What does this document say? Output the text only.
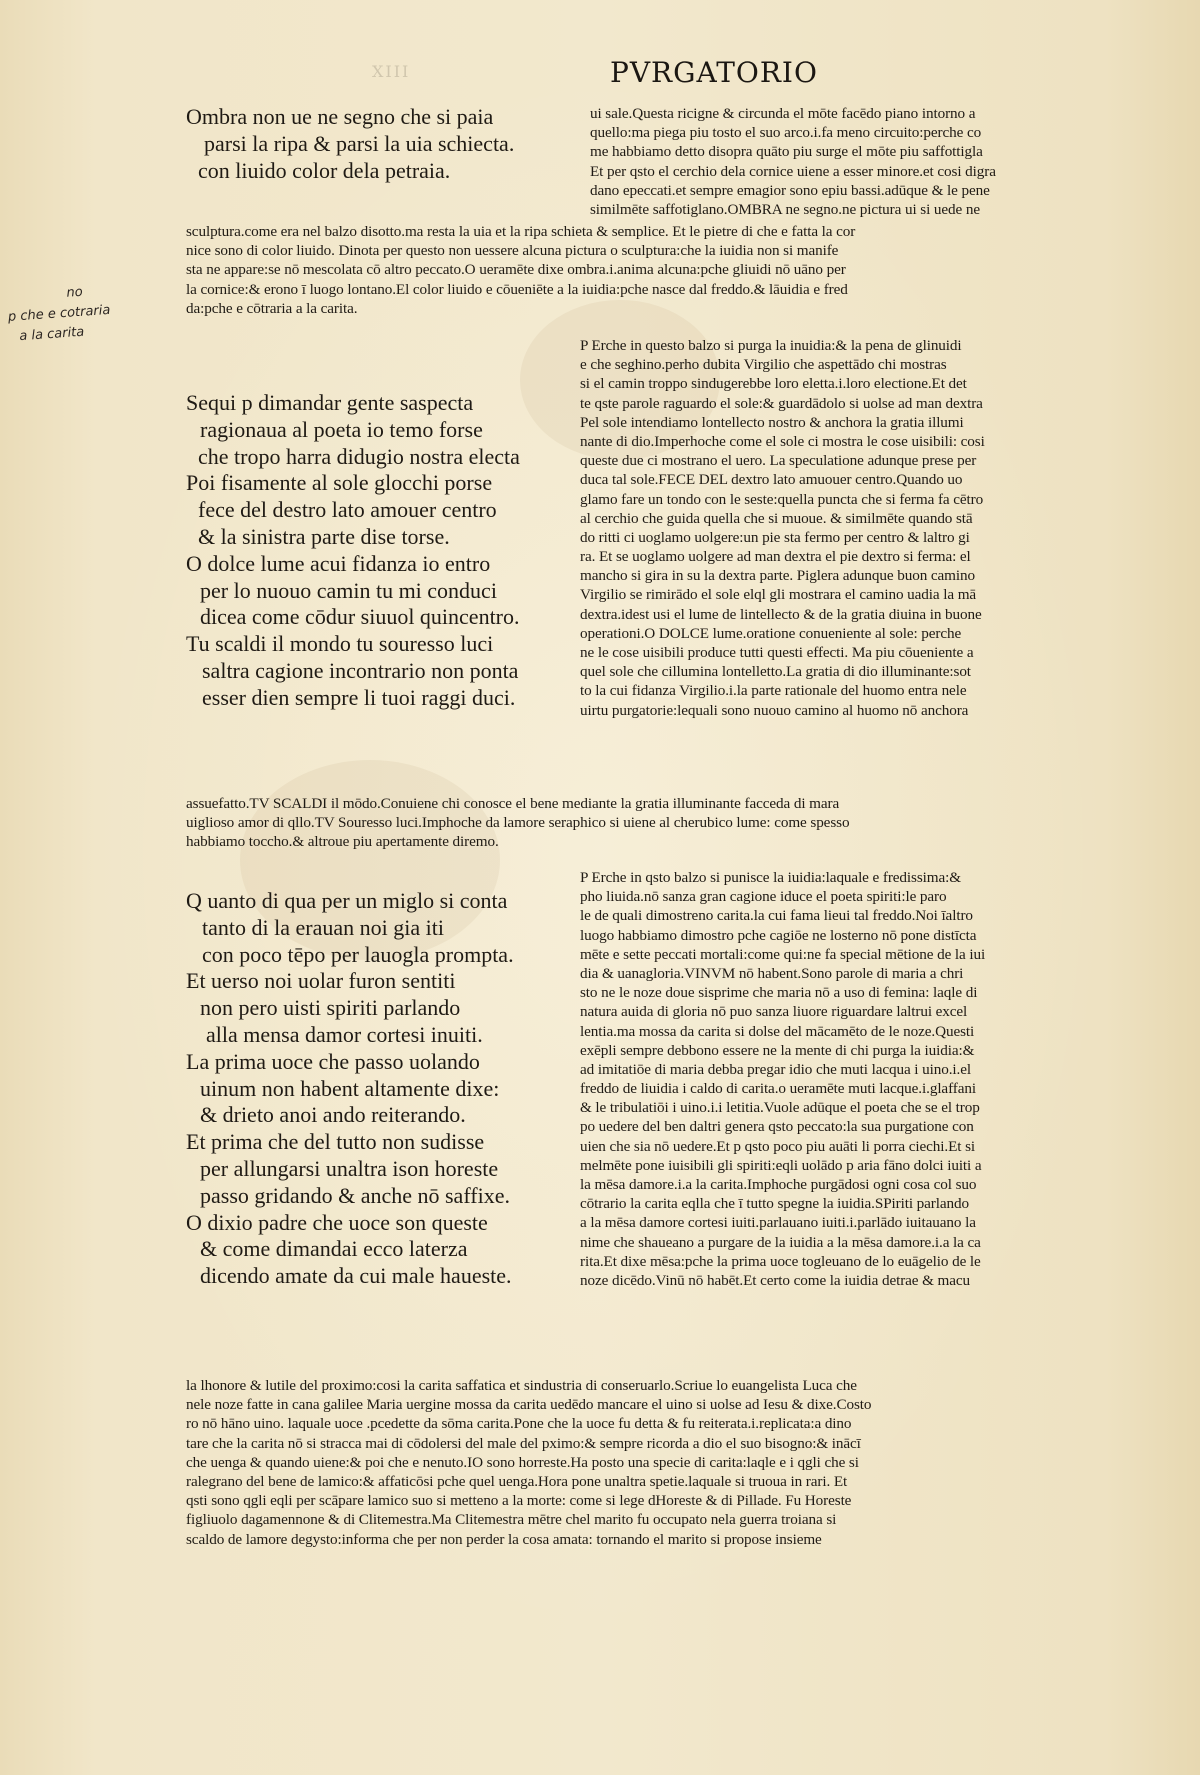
XIII	PVRGATORIO
no
p che e cotraria
a la carita
Ombra non ue ne segno che si paia
parsi la ripa & parsi la uia schiecta.
con liuido color dela petraia.
ui sale.Questa ricigne & circunda el mōte facēdo piano intorno a
quello:ma piega piu tosto el suo arco.i.fa meno circuito:perche co
me habbiamo detto disopra quāto piu surge el mōte piu saffottigla
Et per qsto el cerchio dela cornice uiene a esser minore.et cosi digra
dano epeccati.et sempre emagior sono epiu bassi.adūque & le pene
similmēte saffotiglano.OMBRA ne segno.ne pictura ui si uede ne
sculptura.come era nel balzo disotto.ma resta la uia et la ripa schieta & semplice. Et le pietre di che e fatta la cor
nice sono di color liuido. Dinota per questo non uessere alcuna pictura o sculptura:che la iuidia non si manife
sta ne appare:se nō mescolata cō altro peccato.O ueramēte dixe ombra.i.anima alcuna:pche gliuidi nō uāno per
la cornice:& erono ī luogo lontano.El color liuido e cōueniēte a la iuidia:pche nasce dal freddo.& lāuidia e fred
da:pche e cōtraria a la carita.
Sequi p dimandar gente saspecta
ragionaua al poeta io temo forse
che tropo harra didugio nostra electa
Poi fisamente al sole glocchi porse
fece del destro lato amouer centro
& la sinistra parte dise torse.
O dolce lume acui fidanza io entro
per lo nuouo camin tu mi conduci
dicea come cōdur siuuol quincentro.
Tu scaldi il mondo tu souresso luci
saltra cagione incontrario non ponta
esser dien sempre li tuoi raggi duci.
P Erche in questo balzo si purga la inuidia:& la pena de glinuidi
e che seghino.perho dubita Virgilio che aspettādo chi mostras
si el camin troppo sindugerebbe loro eletta.i.loro electione.Et det
te qste parole raguardo el sole:& guardādolo si uolse ad man dextra
Pel sole intendiamo lontellecto nostro & anchora la gratia illumi
nante di dio.Imperhoche come el sole ci mostra le cose uisibili: cosi
queste due ci mostrano el uero. La speculatione adunque prese per
duca tal sole.FECE DEL dextro lato amuouer centro.Quando uo
glamo fare un tondo con le seste:quella puncta che si ferma fa cētro
al cerchio che guida quella che si muoue. & similmēte quando stā
do ritti ci uoglamo uolgere:un pie sta fermo per centro & laltro gi
ra. Et se uoglamo uolgere ad man dextra el pie dextro si ferma: el
mancho si gira in su la dextra parte. Piglera adunque buon camino
Virgilio se rimirādo el sole elql gli mostrara el camino uadia la mā
dextra.idest usi el lume de lintellecto & de la gratia diuina in buone
operationi.O DOLCE lume.oratione conueniente al sole: perche
ne le cose uisibili produce tutti questi effecti. Ma piu cōueniente a
quel sole che cillumina lontelletto.La gratia di dio illuminante:sot
to la cui fidanza Virgilio.i.la parte rationale del huomo entra nele
uirtu purgatorie:lequali sono nuouo camino al huomo nō anchora
assuefatto.TV SCALDI il mōdo.Conuiene chi conosce el bene mediante la gratia illuminante facceda di mara
uiglioso amor di qllo.TV Souresso luci.Imphoche da lamore seraphico si uiene al cherubico lume: come spesso
habbiamo toccho.& altroue piu apertamente diremo.
Q uanto di qua per un miglo si conta
tanto di la erauan noi gia iti
con poco tēpo per lauogla prompta.
Et uerso noi uolar furon sentiti
non pero uisti spiriti parlando
alla mensa damor cortesi inuiti.
La prima uoce che passo uolando
uinum non habent altamente dixe:
& drieto anoi ando reiterando.
Et prima che del tutto non sudisse
per allungarsi unaltra ison horeste
passo gridando & anche nō saffixe.
O dixio padre che uoce son queste
& come dimandai ecco laterza
dicendo amate da cui male haueste.
P Erche in qsto balzo si punisce la iuidia:laquale e fredissima:&
pho liuida.nō sanza gran cagione iduce el poeta spiriti:le paro
le de quali dimostreno carita.la cui fama lieui tal freddo.Noi īaltro
luogo habbiamo dimostro pche cagiōe ne losterno nō pone distīcta
mēte e sette peccati mortali:come qui:ne fa special mētione de la iui
dia & uanagloria.VINVM nō habent.Sono parole di maria a chri
sto ne le noze doue sisprime che maria nō a uso di femina: laqle di
natura auida di gloria nō puo sanza liuore riguardare laltrui excel
lentia.ma mossa da carita si dolse del mācamēto de le noze.Questi
exēpli sempre debbono essere ne la mente di chi purga la iuidia:&
ad imitatiōe di maria debba pregar idio che muti lacqua i uino.i.el
freddo de liuidia i caldo di carita.o ueramēte muti lacque.i.glaffani
& le tribulatiōi i uino.i.i letitia.Vuole adūque el poeta che se el trop
po uedere del ben daltri genera qsto peccato:la sua purgatione con
uien che sia nō uedere.Et p qsto poco piu auāti li porra ciechi.Et si
melmēte pone iuisibili gli spiriti:eqli uolādo p aria fāno dolci iuiti a
la mēsa damore.i.a la carita.Imphoche purgādosi ogni cosa col suo
cōtrario la carita eqlla che ī tutto spegne la iuidia.SPiriti parlando
a la mēsa damore cortesi iuiti.parlauano iuiti.i.parlādo iuitauano la
nime che shaueano a purgare de la iuidia a la mēsa damore.i.a la ca
rita.Et dixe mēsa:pche la prima uoce togleuano de lo euāgelio de le
noze dicēdo.Vinū nō habēt.Et certo come la iuidia detrae & macu
la lhonore & lutile del proximo:cosi la carita saffatica et sindustria di conseruarlo.Scriue lo euangelista Luca che
nele noze fatte in cana galilee Maria uergine mossa da carita uedēdo mancare el uino si uolse ad Iesu & dixe.Costo
ro nō hāno uino. laquale uoce .pcedette da sōma carita.Pone che la uoce fu detta & fu reiterata.i.replicata:a dino
tare che la carita nō si stracca mai di cōdolersi del male del pximo:& sempre ricorda a dio el suo bisogno:& inācī
che uenga & quando uiene:& poi che e nenuto.IO sono horreste.Ha posto una specie di carita:laqle e i qgli che si
ralegrano del bene de lamico:& affaticōsi pche quel uenga.Hora pone unaltra spetie.laquale si truoua in rari. Et
qsti sono qgli eqli per scāpare lamico suo si metteno a la morte: come si lege dHoreste & di Pillade. Fu Horeste
figliuolo dagamennone & di Clitemestra.Ma Clitemestra mētre chel marito fu occupato nela guerra troiana si
scaldo de lamore degysto:informa che per non perder la cosa amata: tornando el marito si propose insieme
